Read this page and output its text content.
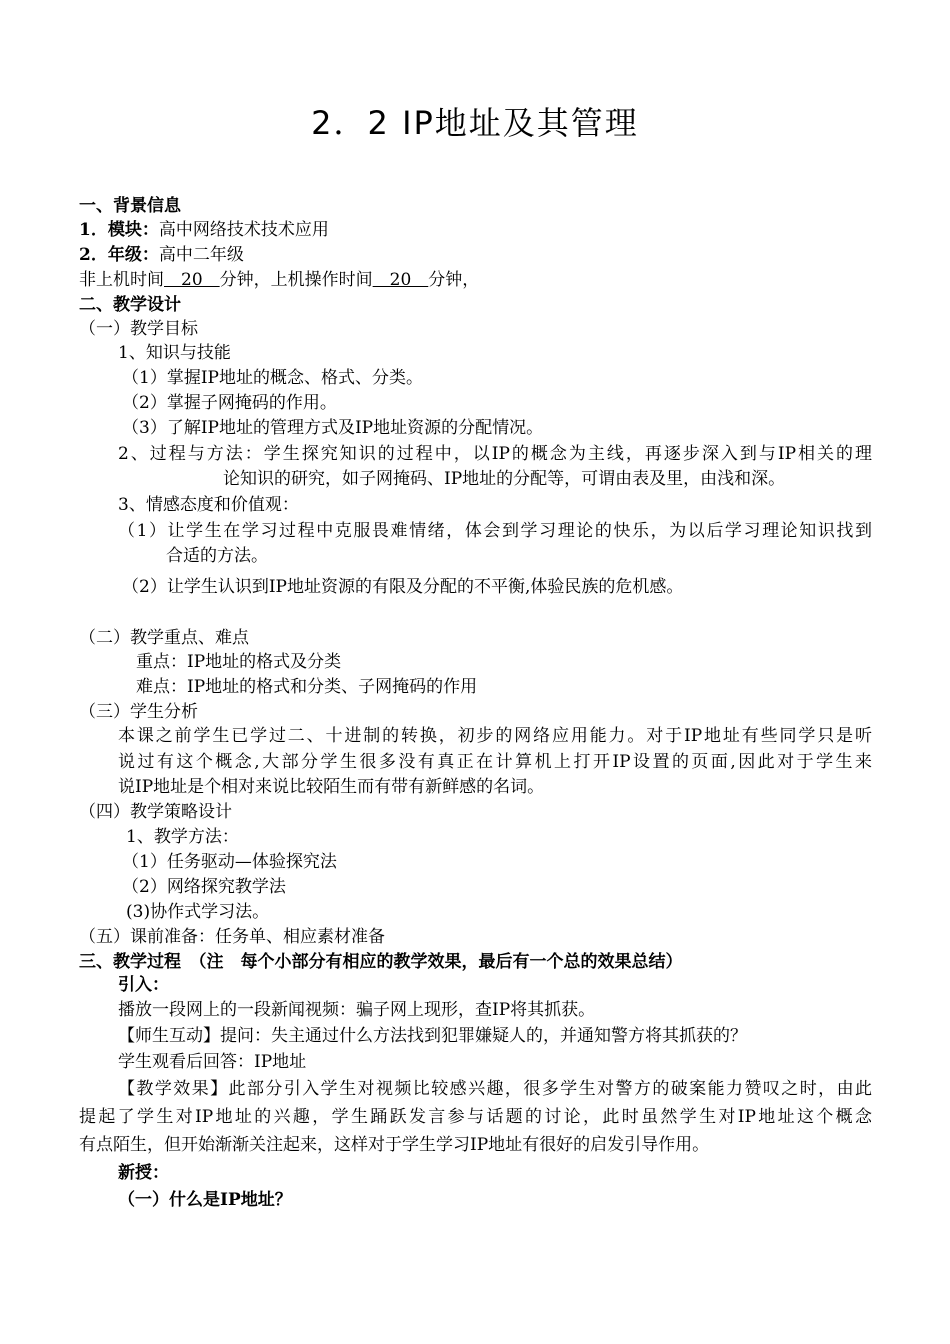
2．2 IP地址及其管理
一、背景信息
1．模块：高中网络技术技术应用
2．年级：高中二年级
非上机时间　20　分钟，上机操作时间　20　分钟，
二、教学设计
（一）教学目标
1、知识与技能
（1）掌握IP地址的概念、格式、分类。
（2）掌握子网掩码的作用。
（3）了解IP地址的管理方式及IP地址资源的分配情况。
2、过程与方法：学生探究知识的过程中，以IP的概念为主线，再逐步深入到与IP相关的理
论知识的研究，如子网掩码、IP地址的分配等，可谓由表及里，由浅和深。
3、情感态度和价值观：
（1）让学生在学习过程中克服畏难情绪，体会到学习理论的快乐，为以后学习理论知识找到
合适的方法。
（2）让学生认识到IP地址资源的有限及分配的不平衡,体验民族的危机感。
（二）教学重点、难点
重点：IP地址的格式及分类
难点：IP地址的格式和分类、子网掩码的作用
（三）学生分析
本课之前学生已学过二、十进制的转换，初步的网络应用能力。对于IP地址有些同学只是听
说过有这个概念,大部分学生很多没有真正在计算机上打开IP设置的页面,因此对于学生来
说IP地址是个相对来说比较陌生而有带有新鲜感的名词。
（四）教学策略设计
1、教学方法：
（1）任务驱动—体验探究法
（2）网络探究教学法
(3)协作式学习法。
（五）课前准备：任务单、相应素材准备
三、教学过程　（注　每个小部分有相应的教学效果，最后有一个总的效果总结）
引入：
播放一段网上的一段新闻视频：骗子网上现形，查IP将其抓获。
【师生互动】提问：失主通过什么方法找到犯罪嫌疑人的，并通知警方将其抓获的？
学生观看后回答：IP地址
【教学效果】此部分引入学生对视频比较感兴趣，很多学生对警方的破案能力赞叹之时，由此
提起了学生对IP地址的兴趣，学生踊跃发言参与话题的讨论，此时虽然学生对IP地址这个概念
有点陌生，但开始渐渐关注起来，这样对于学生学习IP地址有很好的启发引导作用。
新授：
（一）什么是IP地址？
